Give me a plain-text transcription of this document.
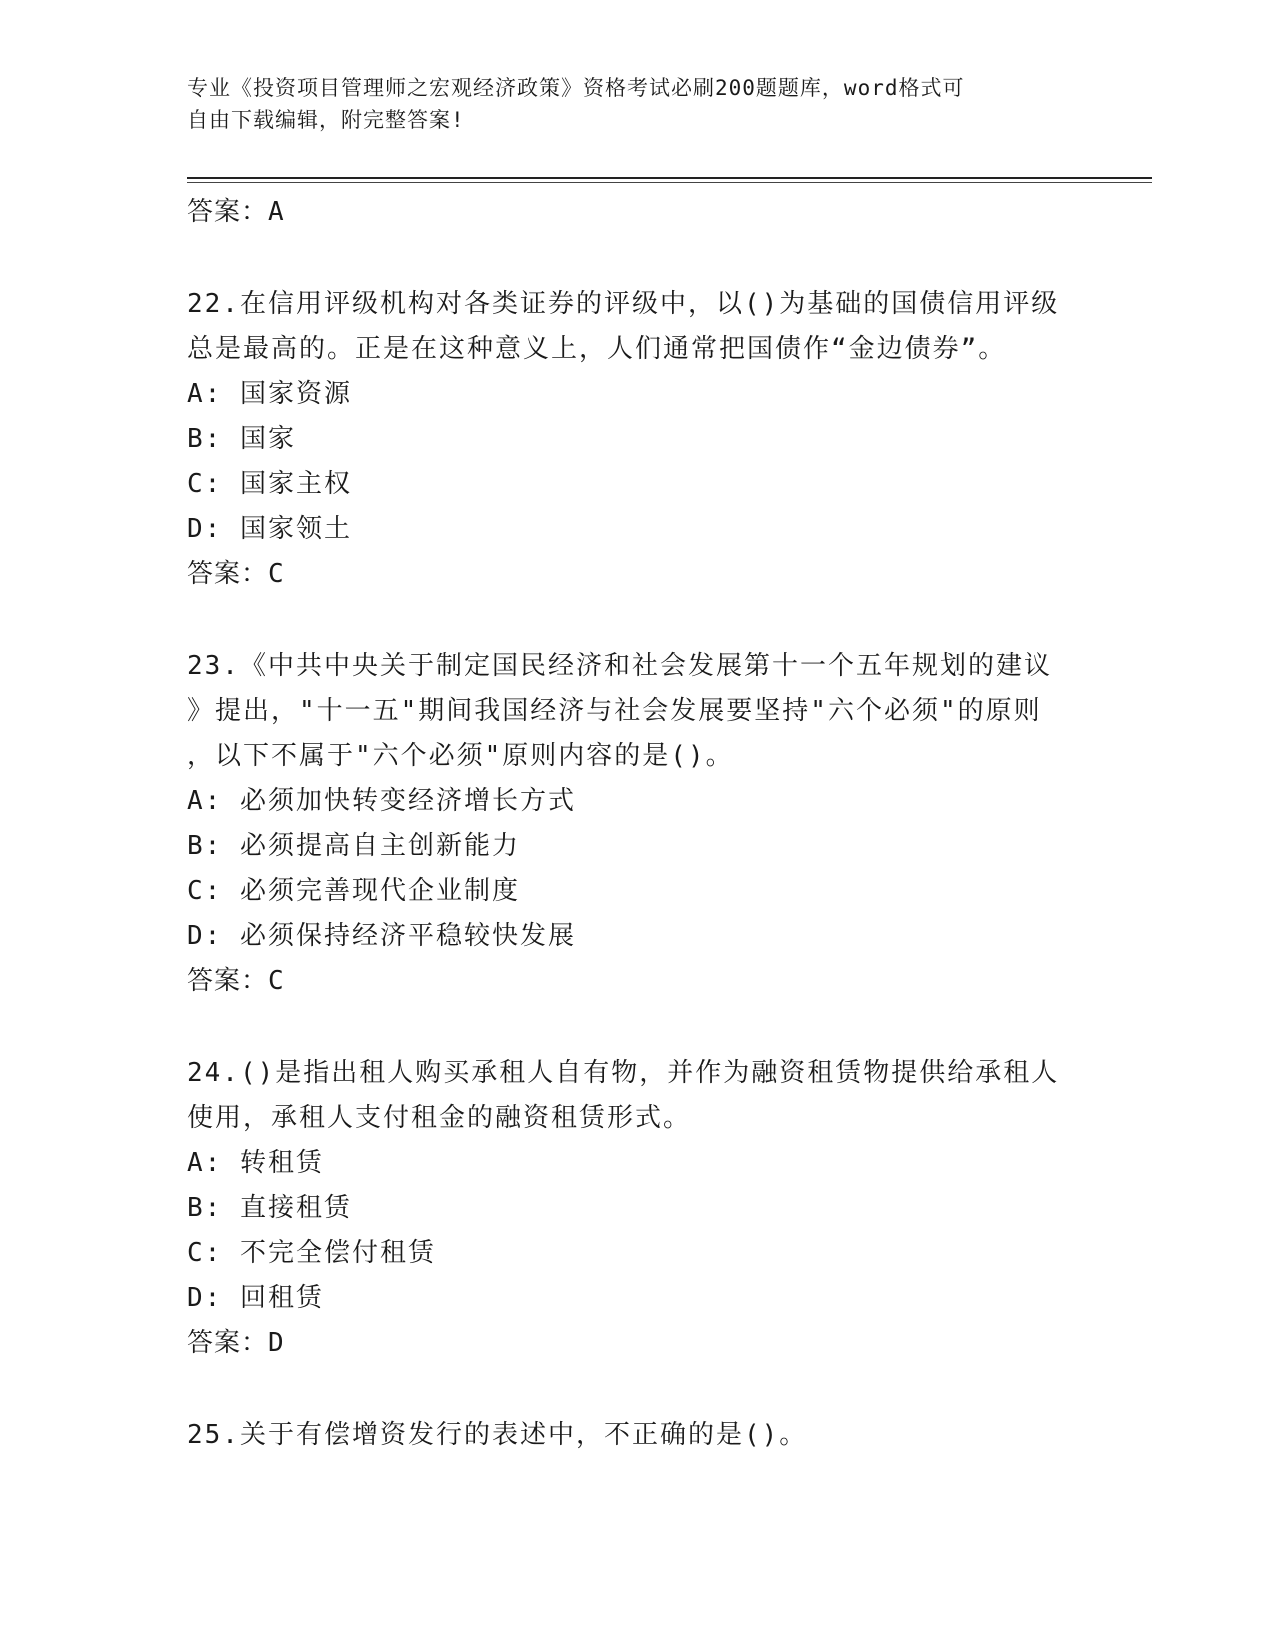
专业《投资项目管理师之宏观经济政策》资格考试必刷200题题库，word格式可
自由下载编辑，附完整答案!
答案：A
22.在信用评级机构对各类证券的评级中，以()为基础的国债信用评级
总是最高的。正是在这种意义上，人们通常把国债作“金边债券”。
A: 国家资源
B: 国家
C: 国家主权
D: 国家领土
答案：C
23.《中共中央关于制定国民经济和社会发展第十一个五年规划的建议
》提出，"十一五"期间我国经济与社会发展要坚持"六个必须"的原则
，以下不属于"六个必须"原则内容的是()。
A: 必须加快转变经济增长方式
B: 必须提高自主创新能力
C: 必须完善现代企业制度
D: 必须保持经济平稳较快发展
答案：C
24.()是指出租人购买承租人自有物，并作为融资租赁物提供给承租人
使用，承租人支付租金的融资租赁形式。
A: 转租赁
B: 直接租赁
C: 不完全偿付租赁
D: 回租赁
答案：D
25.关于有偿增资发行的表述中，不正确的是()。
